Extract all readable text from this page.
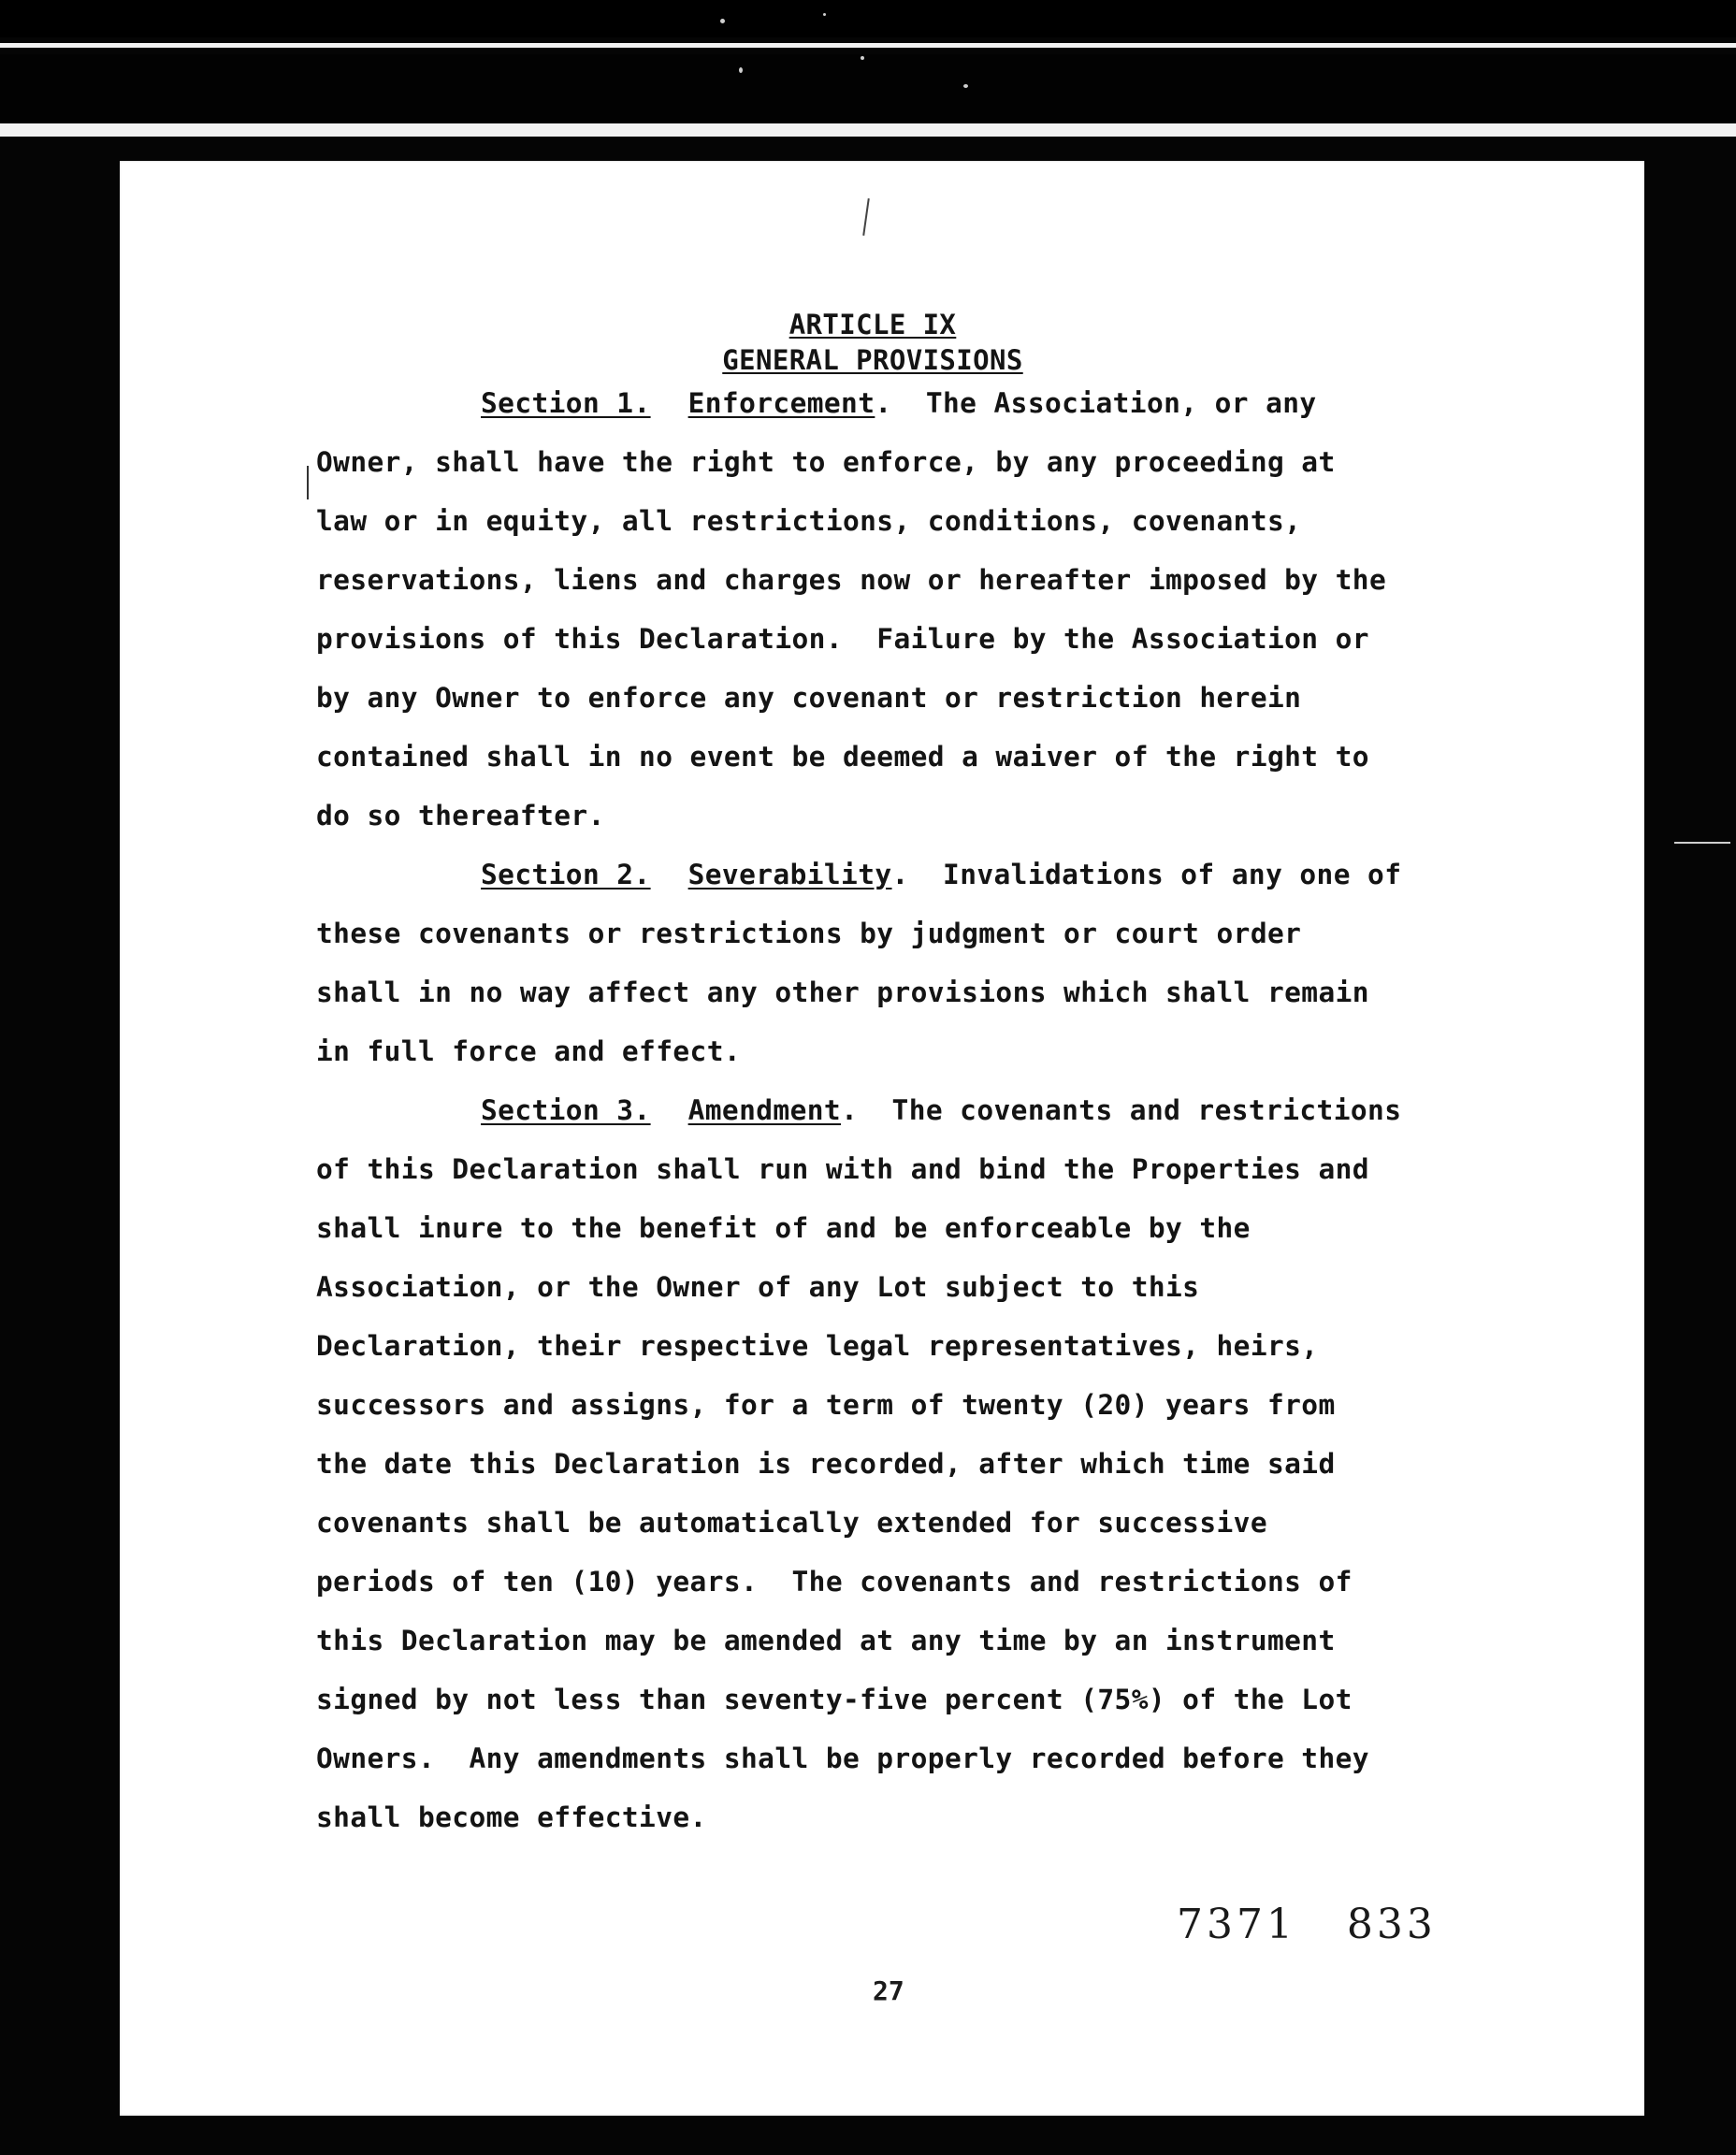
ARTICLE IX
GENERAL PROVISIONS
Section 1. Enforcement.  The Association, or any
Owner, shall have the right to enforce, by any proceeding at
law or in equity, all restrictions, conditions, covenants,
reservations, liens and charges now or hereafter imposed by the
provisions of this Declaration.  Failure by the Association or
by any Owner to enforce any covenant or restriction herein
contained shall in no event be deemed a waiver of the right to
do so thereafter.
Section 2. Severability.  Invalidations of any one of
these covenants or restrictions by judgment or court order
shall in no way affect any other provisions which shall remain
in full force and effect.
Section 3. Amendment.  The covenants and restrictions
of this Declaration shall run with and bind the Properties and
shall inure to the benefit of and be enforceable by the
Association, or the Owner of any Lot subject to this
Declaration, their respective legal representatives, heirs,
successors and assigns, for a term of twenty (20) years from
the date this Declaration is recorded, after which time said
covenants shall be automatically extended for successive
periods of ten (10) years.  The covenants and restrictions of
this Declaration may be amended at any time by an instrument
signed by not less than seventy-five percent (75%) of the Lot
Owners.  Any amendments shall be properly recorded before they
shall become effective.
7371   833
27
